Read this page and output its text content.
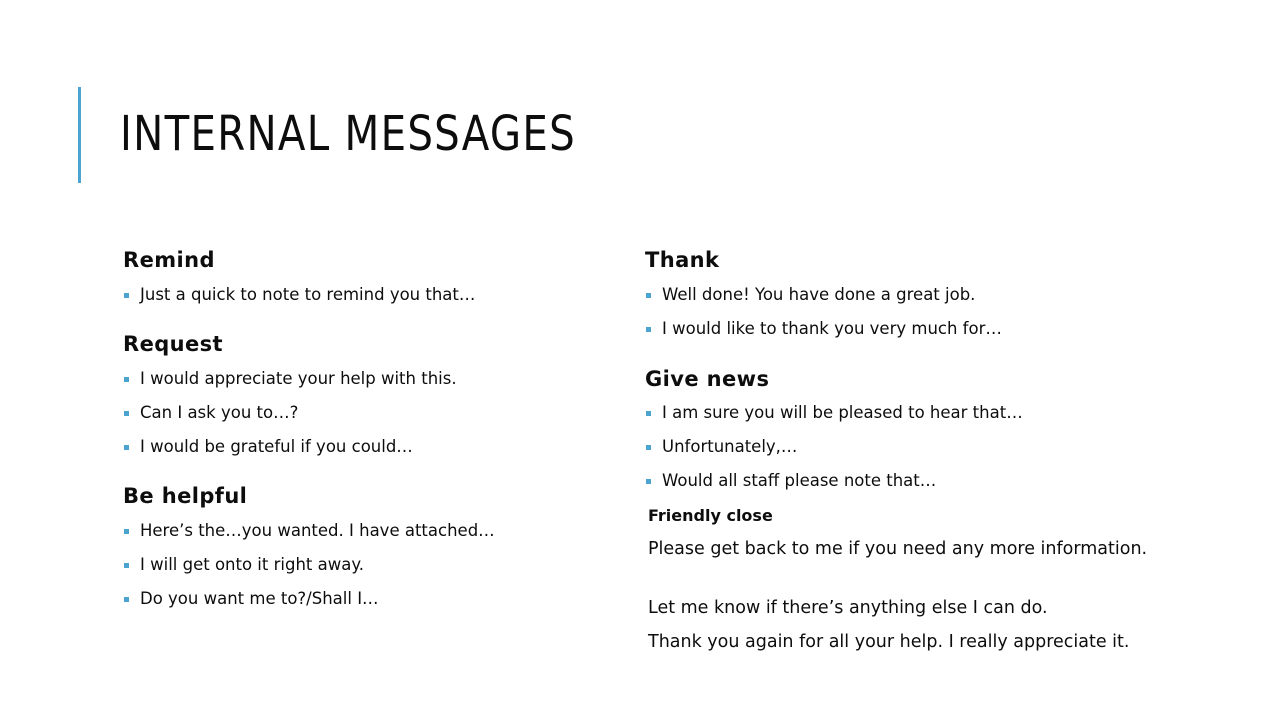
INTERNAL MESSAGES
Remind
Just a quick to note to remind you that…
Request
I would appreciate your help with this.
Can I ask you to…?
I would be grateful if you could…
Be helpful
Here’s the…you wanted. I have attached…
I will get onto it right away.
Do you want me to?/Shall I…
Thank
Well done! You have done a great job.
I would like to thank you very much for…
Give news
I am sure you will be pleased to hear that…
Unfortunately,…
Would all staff please note that…
Friendly close
Please get back to me if you need any more information.
Let me know if there’s anything else I can do.
Thank you again for all your help. I really appreciate it.
